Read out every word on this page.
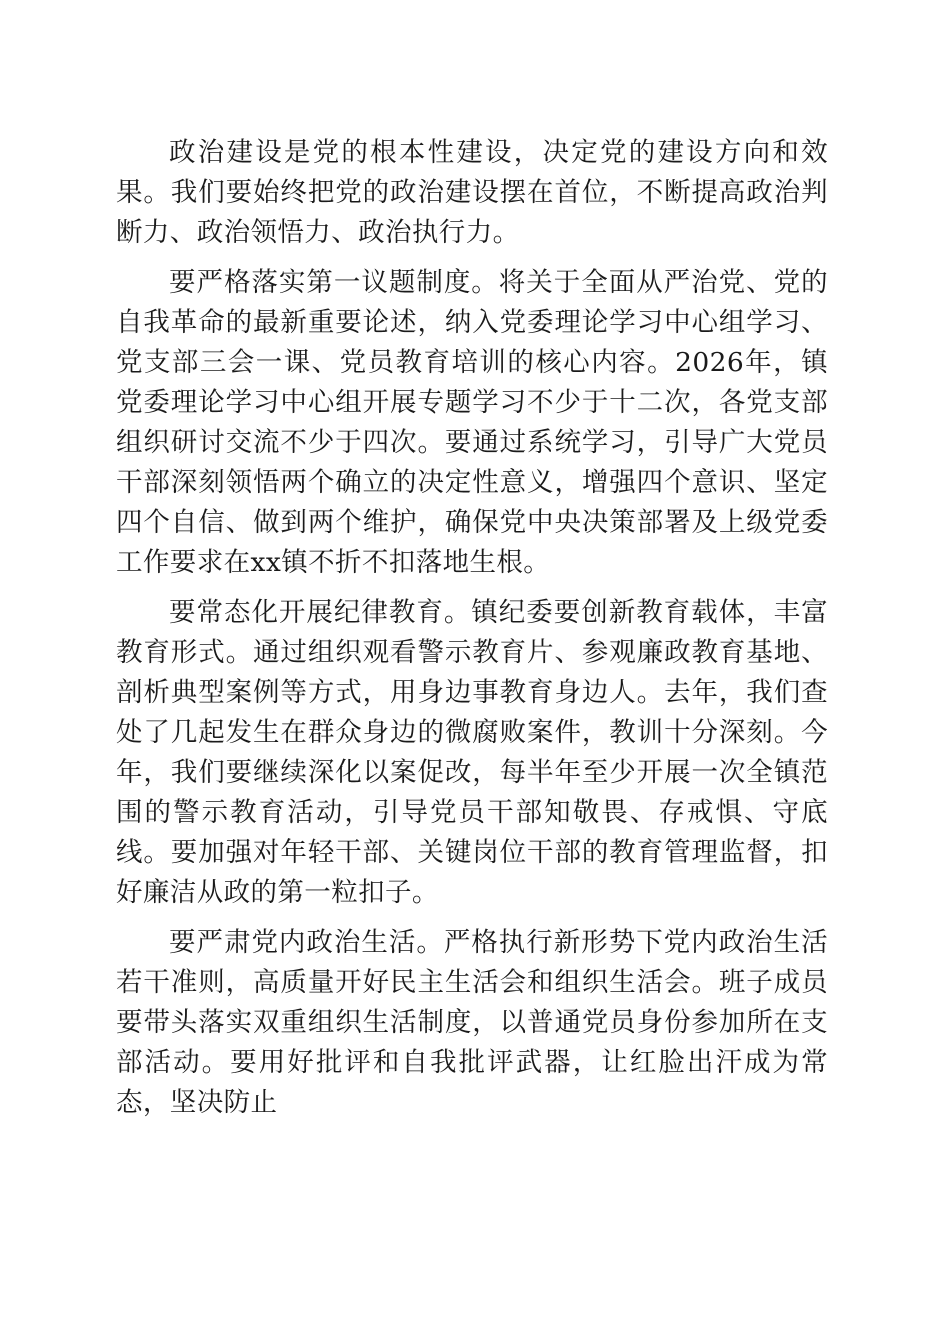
政治建设是党的根本性建设，决定党的建设方向和效果。我们要始终把党的政治建设摆在首位，不断提高政治判断力、政治领悟力、政治执行力。

要严格落实第一议题制度。将关于全面从严治党、党的自我革命的最新重要论述，纳入党委理论学习中心组学习、党支部三会一课、党员教育培训的核心内容。2026年，镇党委理论学习中心组开展专题学习不少于十二次，各党支部组织研讨交流不少于四次。要通过系统学习，引导广大党员干部深刻领悟两个确立的决定性意义，增强四个意识、坚定四个自信、做到两个维护，确保党中央决策部署及上级党委工作要求在xx镇不折不扣落地生根。

要常态化开展纪律教育。镇纪委要创新教育载体，丰富教育形式。通过组织观看警示教育片、参观廉政教育基地、剖析典型案例等方式，用身边事教育身边人。去年，我们查处了几起发生在群众身边的微腐败案件，教训十分深刻。今年，我们要继续深化以案促改，每半年至少开展一次全镇范围的警示教育活动，引导党员干部知敬畏、存戒惧、守底线。要加强对年轻干部、关键岗位干部的教育管理监督，扣好廉洁从政的第一粒扣子。

要严肃党内政治生活。严格执行新形势下党内政治生活若干准则，高质量开好民主生活会和组织生活会。班子成员要带头落实双重组织生活制度，以普通党员身份参加所在支部活动。要用好批评和自我批评武器，让红脸出汗成为常态，坚决防止
